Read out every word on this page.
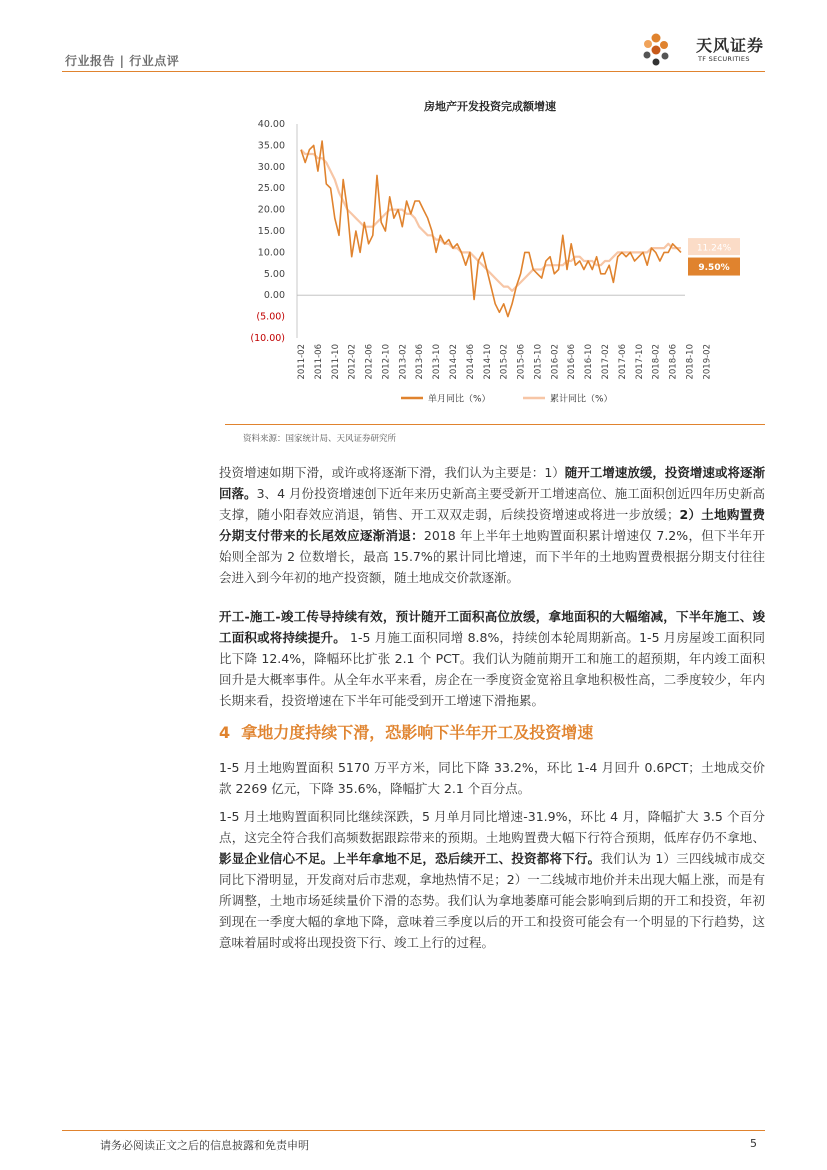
行业报告 | 行业点评
天风证券
TF SECURITIES
房地产开发投资完成额增速
40.00
35.00
30.00
25.00
20.00
15.00
10.00
5.00
0.00
(5.00)
(10.00)
2011-02 2011-06 2011-10 2012-02 2012-06 2012-10 2013-02 2013-06 2013-10 2014-02 2014-06 2014-10 2015-02 2015-06 2015-10 2016-02 2016-06 2016-10 2017-02 2017-06 2017-10 2018-02 2018-06 2018-10 2019-02
11.24%
9.50%
单月同比（%）	累计同比（%）
资料来源：国家统计局、天风证券研究所
投资增速如期下滑，或许或将逐渐下滑，我们认为主要是：1）随开工增速放缓，投资增速或将逐渐回落。3、4 月份投资增速创下近年来历史新高主要受新开工增速高位、施工面积创近四年历史新高支撑，随小阳春效应消退，销售、开工双双走弱，后续投资增速或将进一步放缓；2）土地购置费分期支付带来的长尾效应逐渐消退：2018 年上半年土地购置面积累计增速仅 7.2%，但下半年开始则全部为 2 位数增长，最高 15.7%的累计同比增速，而下半年的土地购置费根据分期支付往往会进入到今年初的地产投资额，随土地成交价款逐渐。
开工-施工-竣工传导持续有效，预计随开工面积高位放缓，拿地面积的大幅缩减，下半年施工、竣工面积或将持续提升。 1-5 月施工面积同增 8.8%，持续创本轮周期新高。1-5 月房屋竣工面积同比下降 12.4%，降幅环比扩张 2.1 个 PCT。我们认为随前期开工和施工的超预期，年内竣工面积回升是大概率事件。从全年水平来看，房企在一季度资金宽裕且拿地积极性高，二季度较少，年内长期来看，投资增速在下半年可能受到开工增速下滑拖累。
4 拿地力度持续下滑，恐影响下半年开工及投资增速
1-5 月土地购置面积 5170 万平方米，同比下降 33.2%，环比 1-4 月回升 0.6PCT；土地成交价款 2269 亿元，下降 35.6%，降幅扩大 2.1 个百分点。
1-5 月土地购置面积同比继续深跌，5 月单月同比增速-31.9%，环比 4 月，降幅扩大 3.5 个百分点，这完全符合我们高频数据跟踪带来的预期。土地购置费大幅下行符合预期，低库存仍不拿地、影显企业信心不足。上半年拿地不足，恐后续开工、投资都将下行。我们认为 1）三四线城市成交同比下滑明显，开发商对后市悲观，拿地热情不足；2）一二线城市地价并未出现大幅上涨，而是有所调整，土地市场延续量价下滑的态势。我们认为拿地萎靡可能会影响到后期的开工和投资，年初到现在一季度大幅的拿地下降，意味着三季度以后的开工和投资可能会有一个明显的下行趋势，这意味着届时或将出现投资下行、竣工上行的过程。
请务必阅读正文之后的信息披露和免责申明	5
